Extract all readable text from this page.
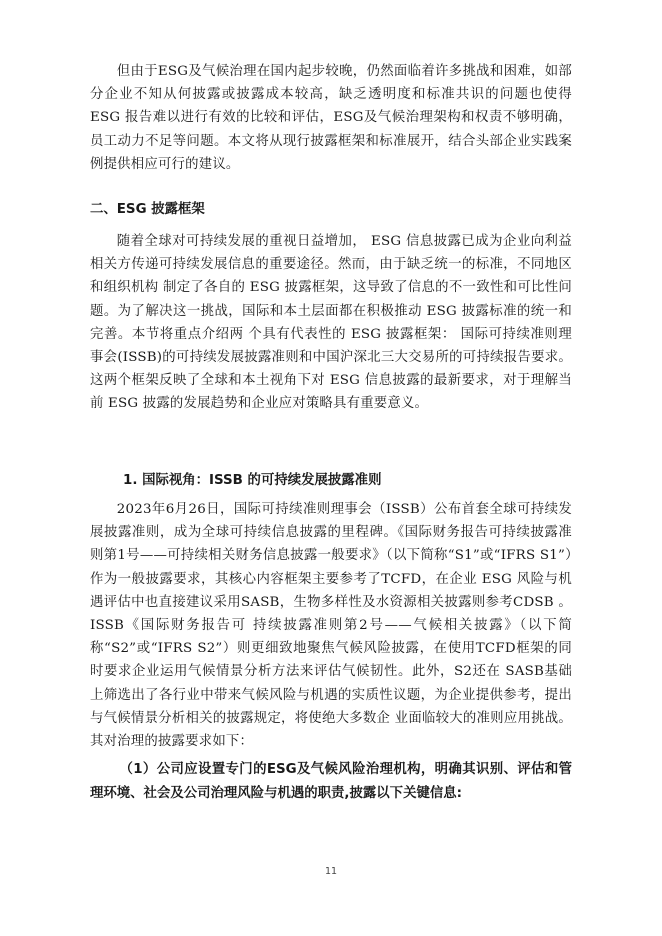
但由于ESG及气候治理在国内起步较晚，仍然面临着许多挑战和困难，如部分企业不知从何披露或披露成本较高，缺乏透明度和标准共识的问题也使得 ESG 报告难以进行有效的比较和评估，ESG及气候治理架构和权责不够明确，员工动力不足等问题。本文将从现行披露框架和标准展开，结合头部企业实践案例提供相应可行的建议。

二、ESG 披露框架

随着全球对可持续发展的重视日益增加， ESG 信息披露已成为企业向利益相关方传递可持续发展信息的重要途径。然而，由于缺乏统一的标准，不同地区和组织机构 制定了各自的 ESG 披露框架，这导致了信息的不一致性和可比性问题。为了解决这一挑战，国际和本土层面都在积极推动 ESG 披露标准的统一和完善。本节将重点介绍两 个具有代表性的 ESG 披露框架： 国际可持续准则理事会(ISSB)的可持续发展披露准则和中国沪深北三大交易所的可持续报告要求。这两个框架反映了全球和本土视角下对 ESG 信息披露的最新要求，对于理解当前 ESG 披露的发展趋势和企业应对策略具有重要意义。

1. 国际视角：ISSB 的可持续发展披露准则

2023年6月26日，国际可持续准则理事会（ISSB）公布首套全球可持续发展披露准则，成为全球可持续信息披露的里程碑。《国际财务报告可持续披露准则第1号——可持续相关财务信息披露一般要求》（以下简称“S1”或“IFRS S1”）作为一般披露要求，其核心内容框架主要参考了TCFD，在企业 ESG 风险与机遇评估中也直接建议采用SASB，生物多样性及水资源相关披露则参考CDSB 。 ISSB《国际财务报告可 持续披露准则第2号——气候相关披露》（以下简称“S2”或“IFRS S2”）则更细致地聚焦气候风险披露，在使用TCFD框架的同时要求企业运用气候情景分析方法来评估气候韧性。此外，S2还在 SASB基础上筛选出了各行业中带来气候风险与机遇的实质性议题，为企业提供参考，提出与气候情景分析相关的披露规定，将使绝大多数企 业面临较大的准则应用挑战。其对治理的披露要求如下：

（1）公司应设置专门的ESG及气候风险治理机构，明确其识别、评估和管理环境、社会及公司治理风险与机遇的职责,披露以下关键信息:

11
